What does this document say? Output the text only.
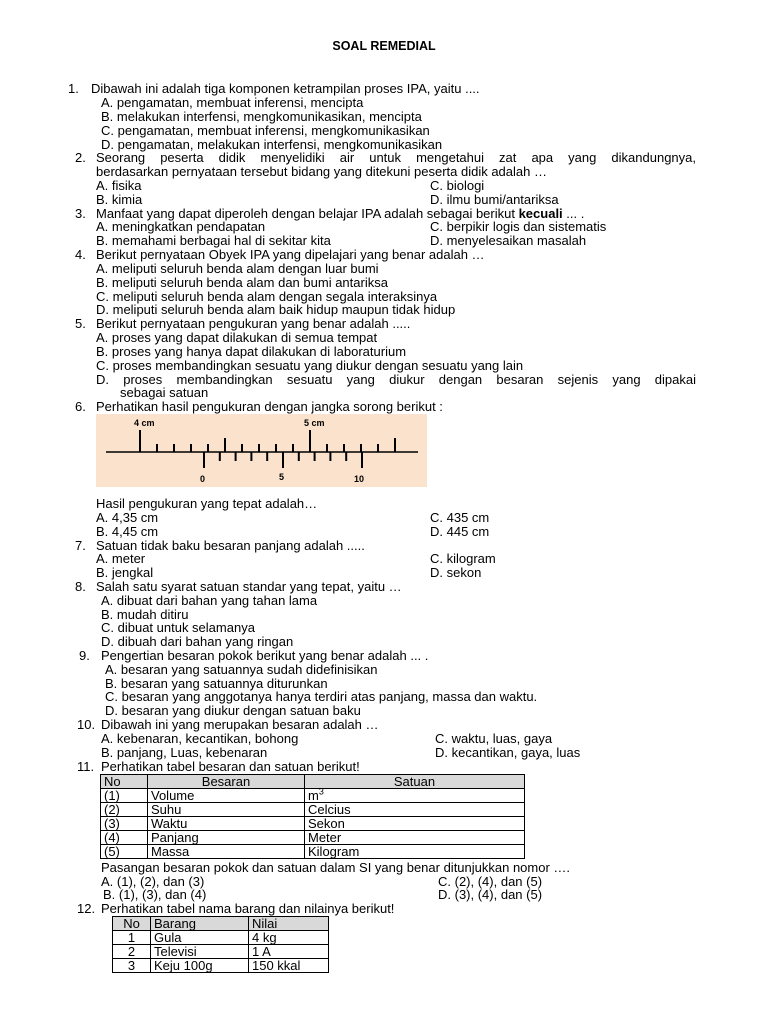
SOAL REMEDIAL
1. Dibawah ini adalah tiga komponen ketrampilan proses IPA, yaitu ....
A. pengamatan, membuat inferensi, mencipta
B. melakukan interfensi, mengkomunikasikan, mencipta
C. pengamatan, membuat inferensi, mengkomunikasikan
D. pengamatan, melakukan interfensi, mengkomunikasikan
2. Seorang peserta didik menyelidiki air untuk mengetahui zat apa yang dikandungnya,
berdasarkan pernyataan tersebut bidang yang ditekuni peserta didik adalah …
A. fisika	C. biologi
B. kimia	D. ilmu bumi/antariksa
3. Manfaat yang dapat diperoleh dengan belajar IPA adalah sebagai berikut kecuali ... .
A. meningkatkan pendapatan	C. berpikir logis dan sistematis
B. memahami berbagai hal di sekitar kita	D. menyelesaikan masalah
4. Berikut pernyataan Obyek IPA yang dipelajari yang benar adalah …
A. meliputi seluruh benda alam dengan luar bumi
B. meliputi seluruh benda alam dan bumi antariksa
C. meliputi seluruh benda alam dengan segala interaksinya
D. meliputi seluruh benda alam baik hidup maupun tidak hidup
5. Berikut pernyataan pengukuran yang benar adalah .....
A. proses yang dapat dilakukan di semua tempat
B. proses yang hanya dapat dilakukan di laboraturium
C. proses membandingkan sesuatu yang diukur dengan sesuatu yang lain
D. proses membandingkan sesuatu yang diukur dengan besaran sejenis yang dipakai
sebagai satuan
6. Perhatikan hasil pengukuran dengan jangka sorong berikut :
4 cm	5 cm
0	5	10
Hasil pengukuran yang tepat adalah…
A. 4,35 cm	C. 435 cm
B. 4,45 cm	D. 445 cm
7. Satuan tidak baku besaran panjang adalah .....
A. meter	C. kilogram
B. jengkal	D. sekon
8. Salah satu syarat satuan standar yang tepat, yaitu …
A. dibuat dari bahan yang tahan lama
B. mudah ditiru
C. dibuat untuk selamanya
D. dibuah dari bahan yang ringan
9. Pengertian besaran pokok berikut yang benar adalah ... .
A. besaran yang satuannya sudah didefinisikan
B. besaran yang satuannya diturunkan
C. besaran yang anggotanya hanya terdiri atas panjang, massa dan waktu.
D. besaran yang diukur dengan satuan baku
10. Dibawah ini yang merupakan besaran adalah …
A. kebenaran, kecantikan, bohong	C. waktu, luas, gaya
B. panjang, Luas, kebenaran	D. kecantikan, gaya, luas
11. Perhatikan tabel besaran dan satuan berikut!
No	Besaran	Satuan
(1)	Volume	$m^3$
(2)	Suhu	Celcius
(3)	Waktu	Sekon
(4)	Panjang	Meter
(5)	Massa	Kilogram
Pasangan besaran pokok dan satuan dalam SI yang benar ditunjukkan nomor ….
A. (1), (2), dan (3)	C. (2), (4), dan (5)
B. (1), (3), dan (4)	D. (3), (4), dan (5)
12. Perhatikan tabel nama barang dan nilainya berikut!
No	Barang	Nilai
1	Gula	4 kg
2	Televisi	1 A
3	Keju 100g	150 kkal
